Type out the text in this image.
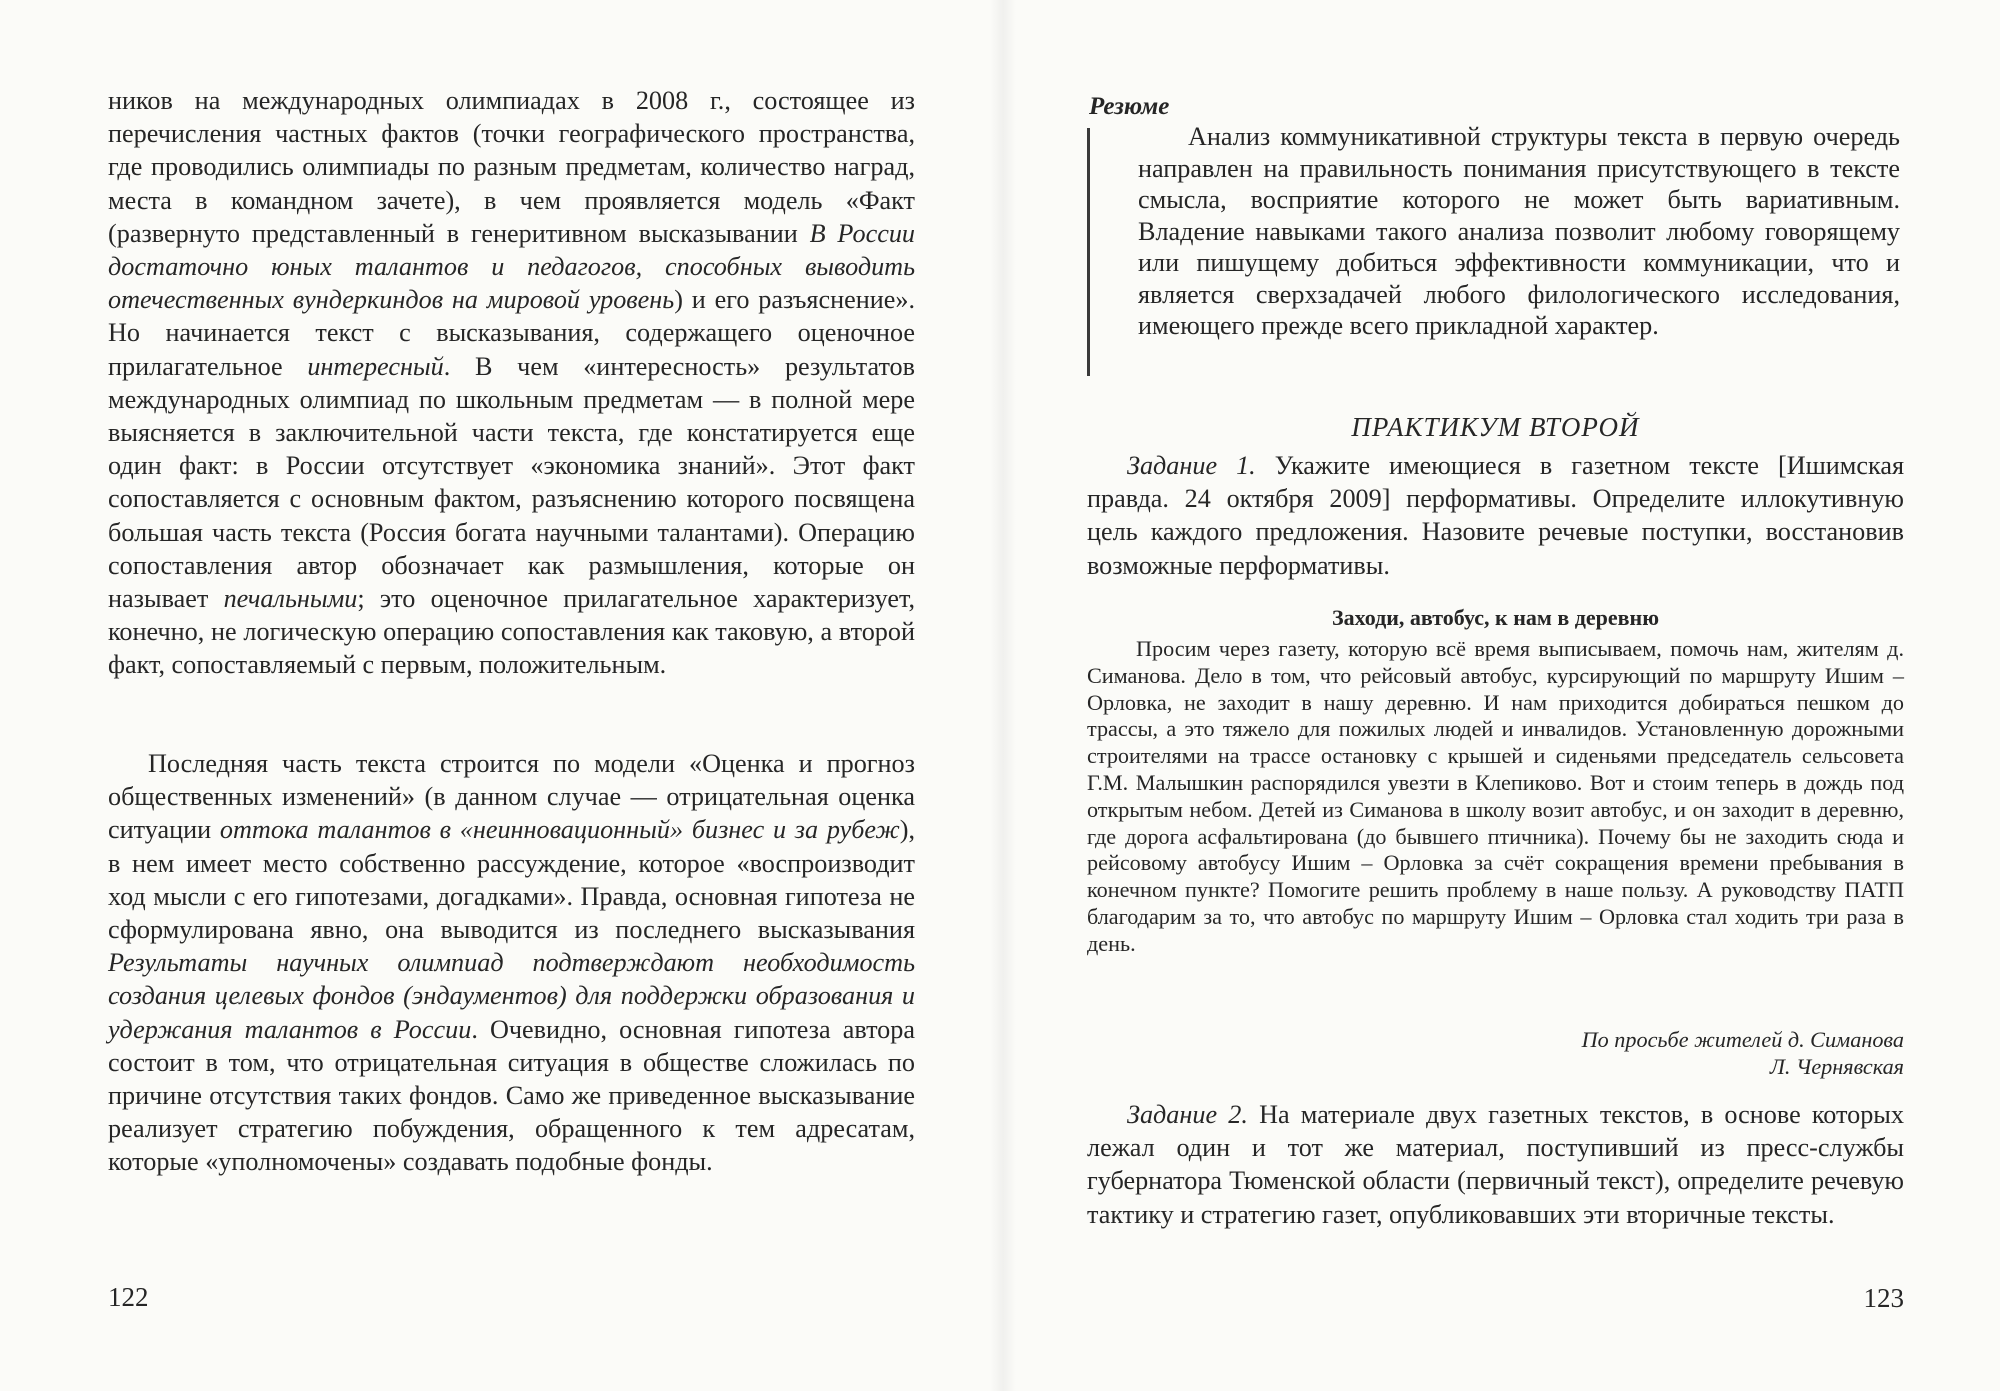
ников на международных олимпиадах в 2008 г., состоящее из перечисления частных фактов (точки географического пространства, где проводились олимпиады по разным предметам, количество наград, места в командном зачете), в чем проявляется модель «Факт (развернуто представленный в генеритивном высказывании В России достаточно юных талантов и педагогов, способных выводить отечественных вундеркиндов на мировой уровень) и его разъяснение». Но начинается текст с высказывания, содержащего оценочное прилагательное интересный. В чем «интересность» результатов международных олимпиад по школьным предметам — в полной мере выясняется в заключительной части текста, где констатируется еще один факт: в России отсутствует «экономика знаний». Этот факт сопоставляется с основным фактом, разъяснению которого посвящена большая часть текста (Россия богата научными талантами). Операцию сопоставления автор обозначает как размышления, которые он называет печальными; это оценочное прилагательное характеризует, конечно, не логическую операцию сопоставления как таковую, а второй факт, сопоставляемый с первым, положительным.

Последняя часть текста строится по модели «Оценка и прогноз общественных изменений» (в данном случае — отрицательная оценка ситуации оттока талантов в «неинновационный» бизнес и за рубеж), в нем имеет место собственно рассуждение, которое «воспроизводит ход мысли с его гипотезами, догадками». Правда, основная гипотеза не сформулирована явно, она выводится из последнего высказывания Результаты научных олимпиад подтверждают необходимость создания целевых фондов (эндаументов) для поддержки образования и удержания талантов в России. Очевидно, основная гипотеза автора состоит в том, что отрицательная ситуация в обществе сложилась по причине отсутствия таких фондов. Само же приведенное высказывание реализует стратегию побуждения, обращенного к тем адресатам, которые «уполномочены» создавать подобные фонды.

122

Резюме

Анализ коммуникативной структуры текста в первую очередь направлен на правильность понимания присутствующего в тексте смысла, восприятие которого не может быть вариативным. Владение навыками такого анализа позволит любому говорящему или пишущему добиться эффективности коммуникации, что и является сверхзадачей любого филологического исследования, имеющего прежде всего прикладной характер.

ПРАКТИКУМ ВТОРОЙ

Задание 1. Укажите имеющиеся в газетном тексте [Ишимская правда. 24 октября 2009] перформативы. Определите иллокутивную цель каждого предложения. Назовите речевые поступки, восстановив возможные перформативы.

Заходи, автобус, к нам в деревню

Просим через газету, которую всё время выписываем, помочь нам, жителям д. Симанова. Дело в том, что рейсовый автобус, курсирующий по маршруту Ишим – Орловка, не заходит в нашу деревню. И нам приходится добираться пешком до трассы, а это тяжело для пожилых людей и инвалидов. Установленную дорожными строителями на трассе остановку с крышей и сиденьями председатель сельсовета Г.М. Малышкин распорядился увезти в Клепиково. Вот и стоим теперь в дождь под открытым небом. Детей из Симанова в школу возит автобус, и он заходит в деревню, где дорога асфальтирована (до бывшего птичника). Почему бы не заходить сюда и рейсовому автобусу Ишим – Орловка за счёт сокращения времени пребывания в конечном пункте? Помогите решить проблему в наше пользу. А руководству ПАТП благодарим за то, что автобус по маршруту Ишим – Орловка стал ходить три раза в день.

По просьбе жителей д. Симанова

Л. Чернявская

Задание 2. На материале двух газетных текстов, в основе которых лежал один и тот же материал, поступивший из пресс-службы губернатора Тюменской области (первичный текст), определите речевую тактику и стратегию газет, опубликовавших эти вторичные тексты.

123
